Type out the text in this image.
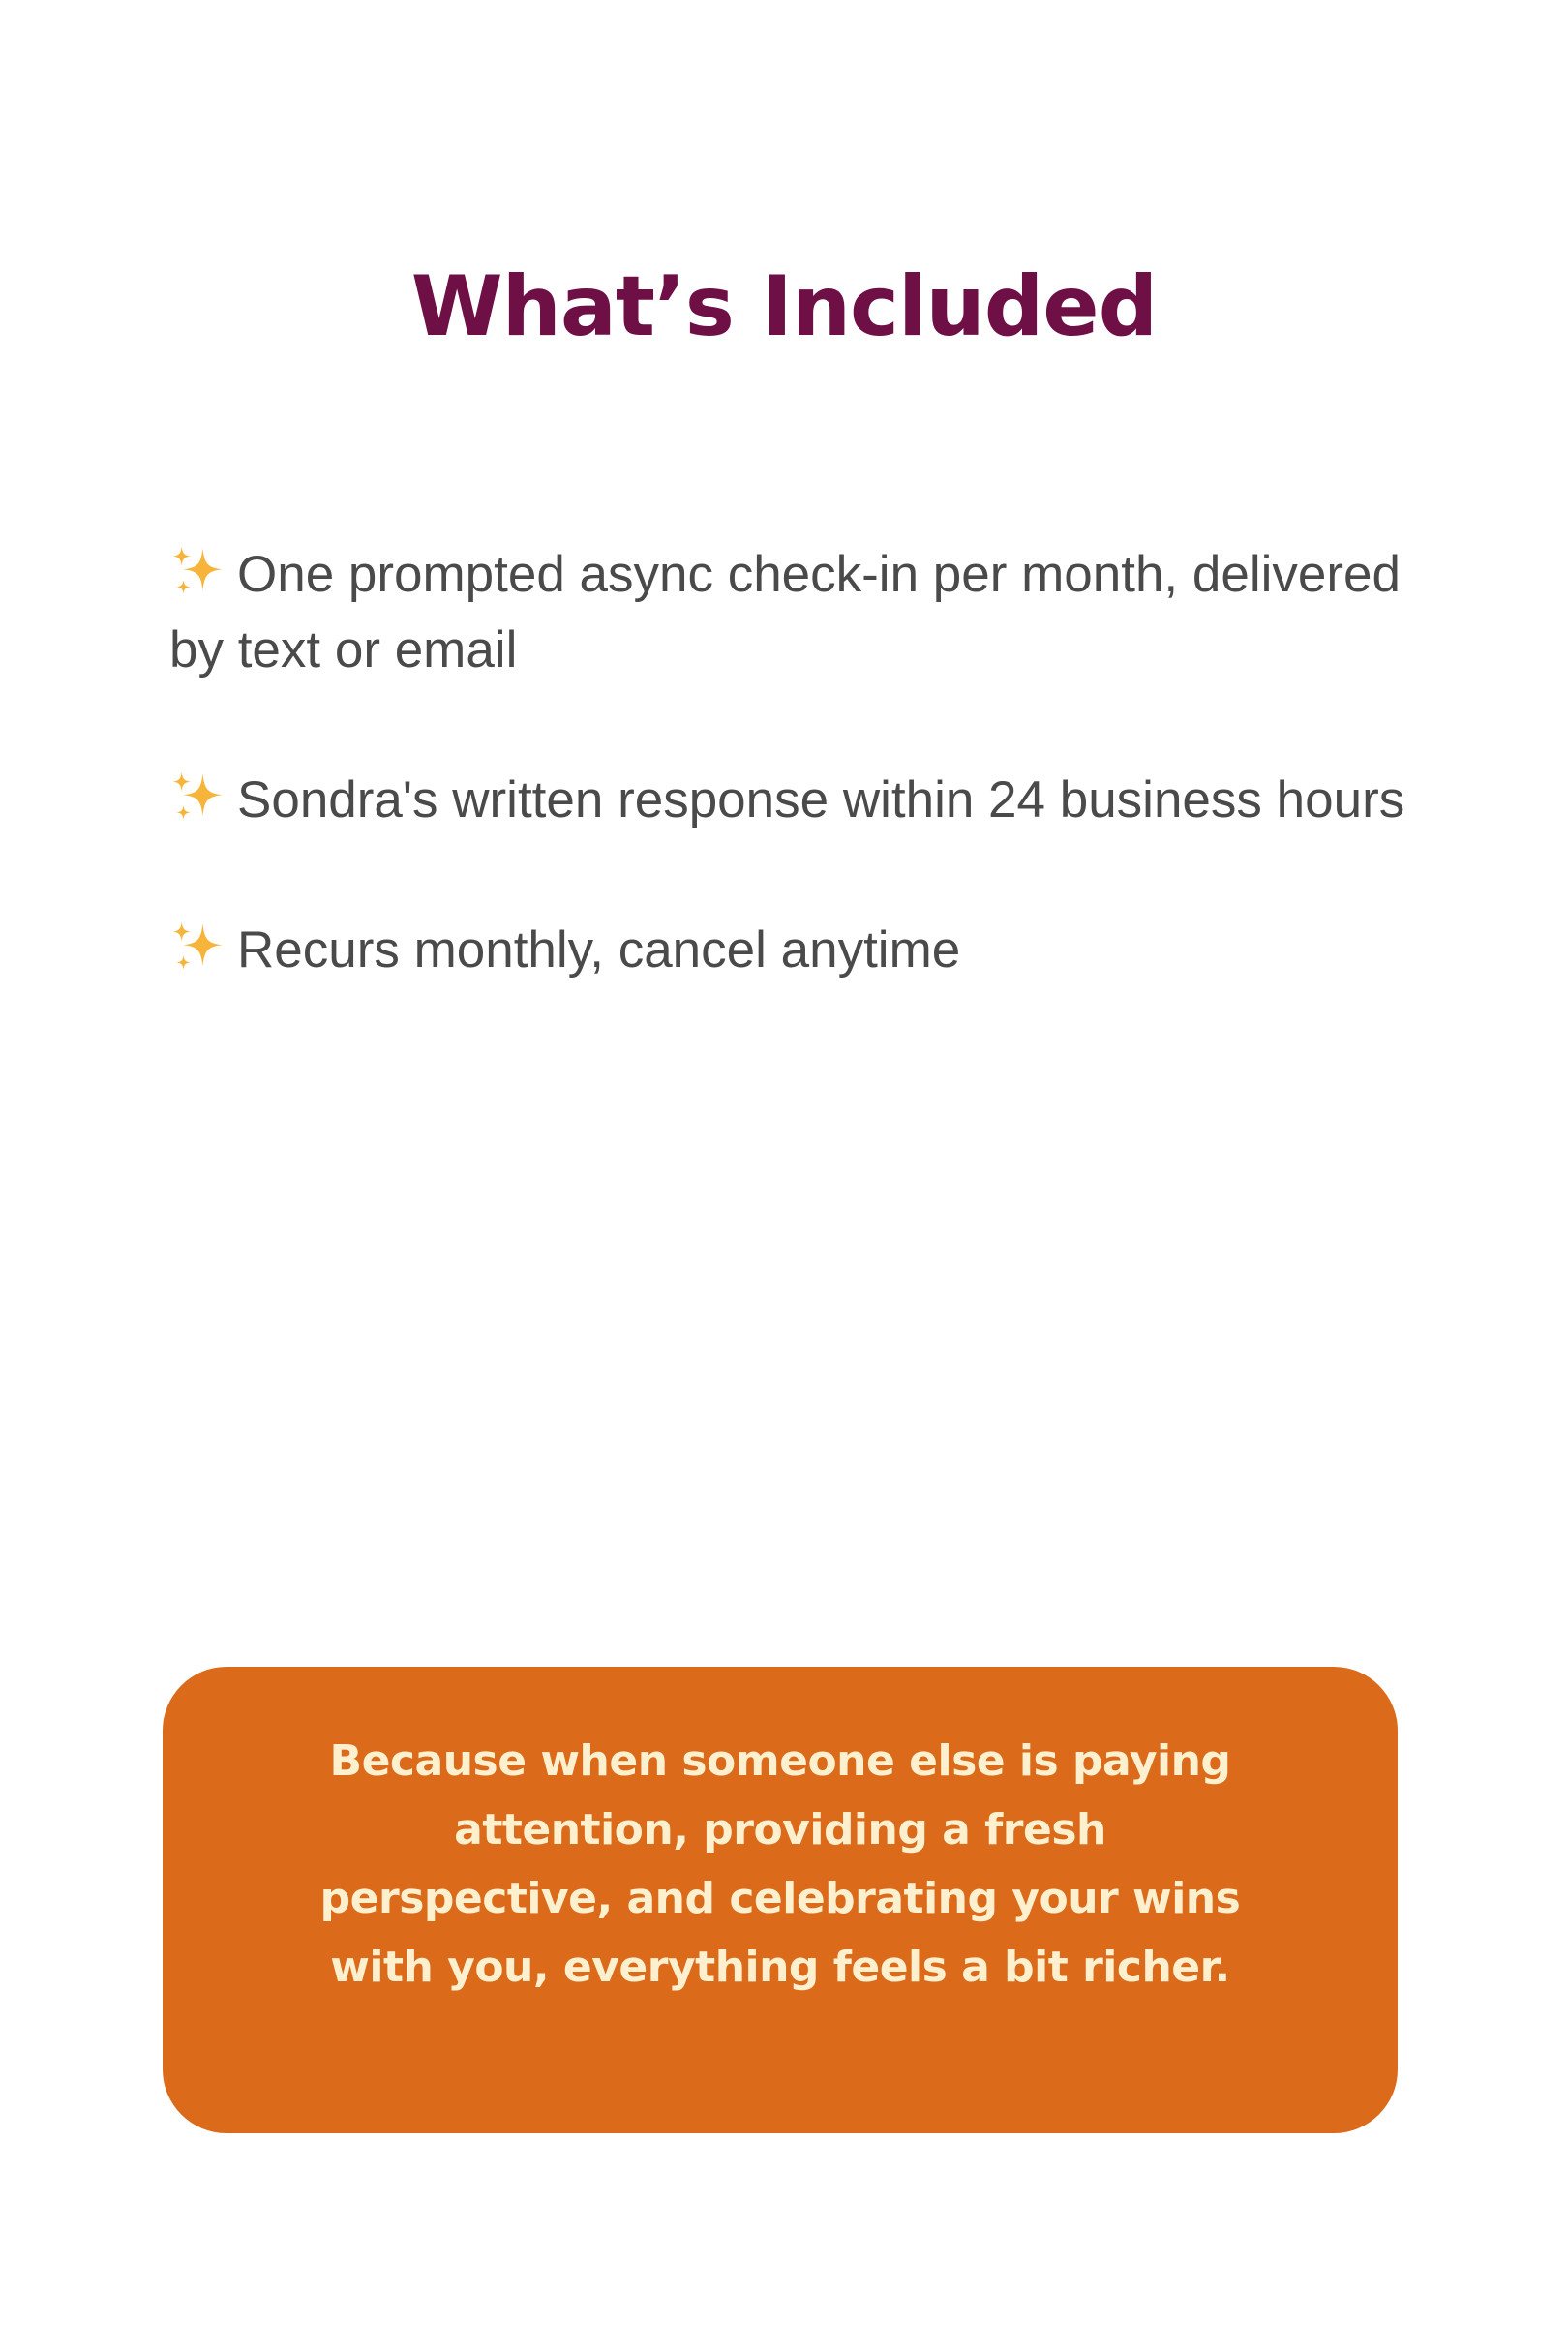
What’s Included
One prompted async check-in per month, delivered by text or email
Sondra's written response within 24 business hours
Recurs monthly, cancel anytime

Because when someone else is paying attention, providing a fresh perspective, and celebrating your wins with you, everything feels a bit richer.
